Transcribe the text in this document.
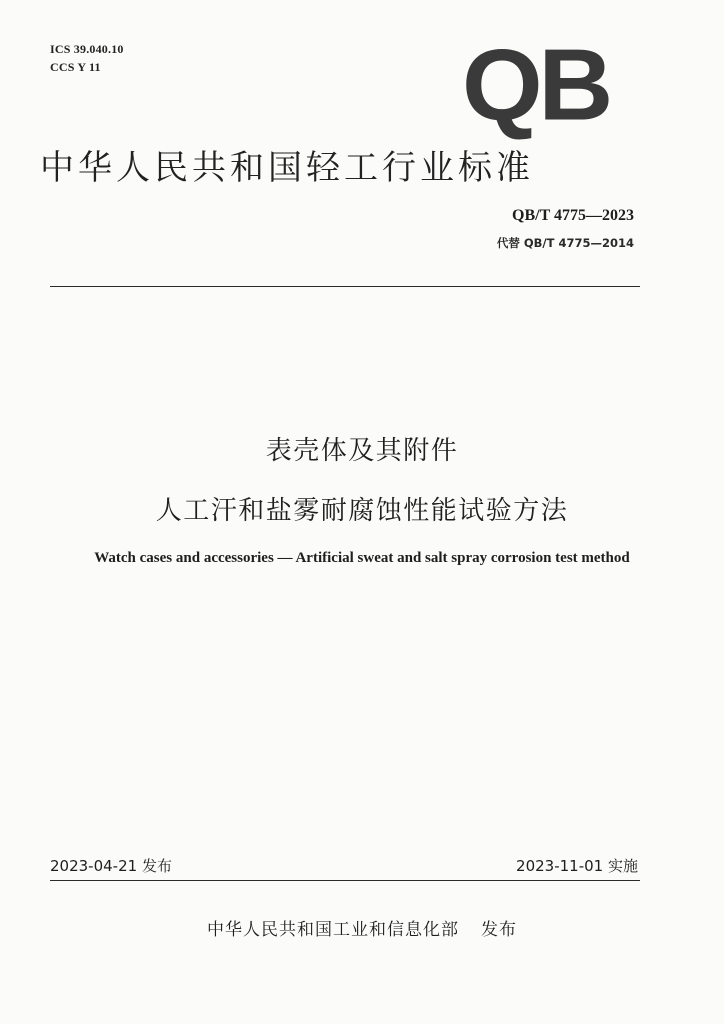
ICS 39.040.10
CCS Y 11	QB
中华人民共和国轻工行业标准
QB/T 4775—2023
代替 QB/T 4775—2014
表壳体及其附件
人工汗和盐雾耐腐蚀性能试验方法
Watch cases and accessories — Artificial sweat and salt spray corrosion test method
2023-04-21 发布	2023-11-01 实施
中华人民共和国工业和信息化部 发布
